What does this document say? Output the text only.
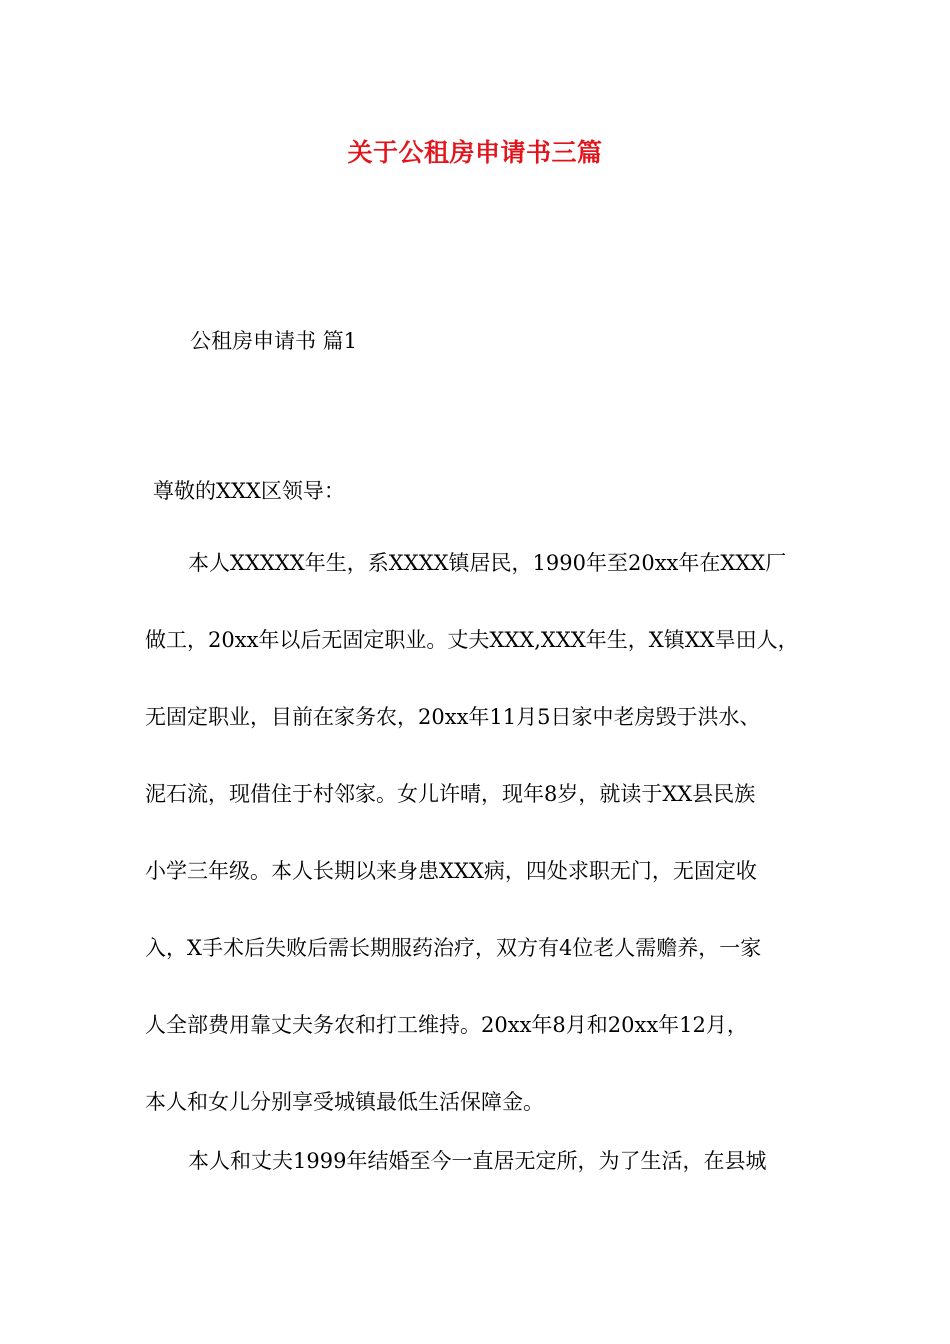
关于公租房申请书三篇
公租房申请书 篇1
尊敬的XXX区领导：
本人XXXXX年生，系XXXX镇居民，1990年至20xx年在XXX厂
做工，20xx年以后无固定职业。丈夫XXX,XXX年生，X镇XX旱田人，
无固定职业，目前在家务农，20xx年11月5日家中老房毁于洪水、
泥石流，现借住于村邻家。女儿许晴，现年8岁，就读于XX县民族
小学三年级。本人长期以来身患XXX病，四处求职无门，无固定收
入，X手术后失败后需长期服药治疗，双方有4位老人需赡养，一家
人全部费用靠丈夫务农和打工维持。20xx年8月和20xx年12月，
本人和女儿分别享受城镇最低生活保障金。
本人和丈夫1999年结婚至今一直居无定所，为了生活，在县城
